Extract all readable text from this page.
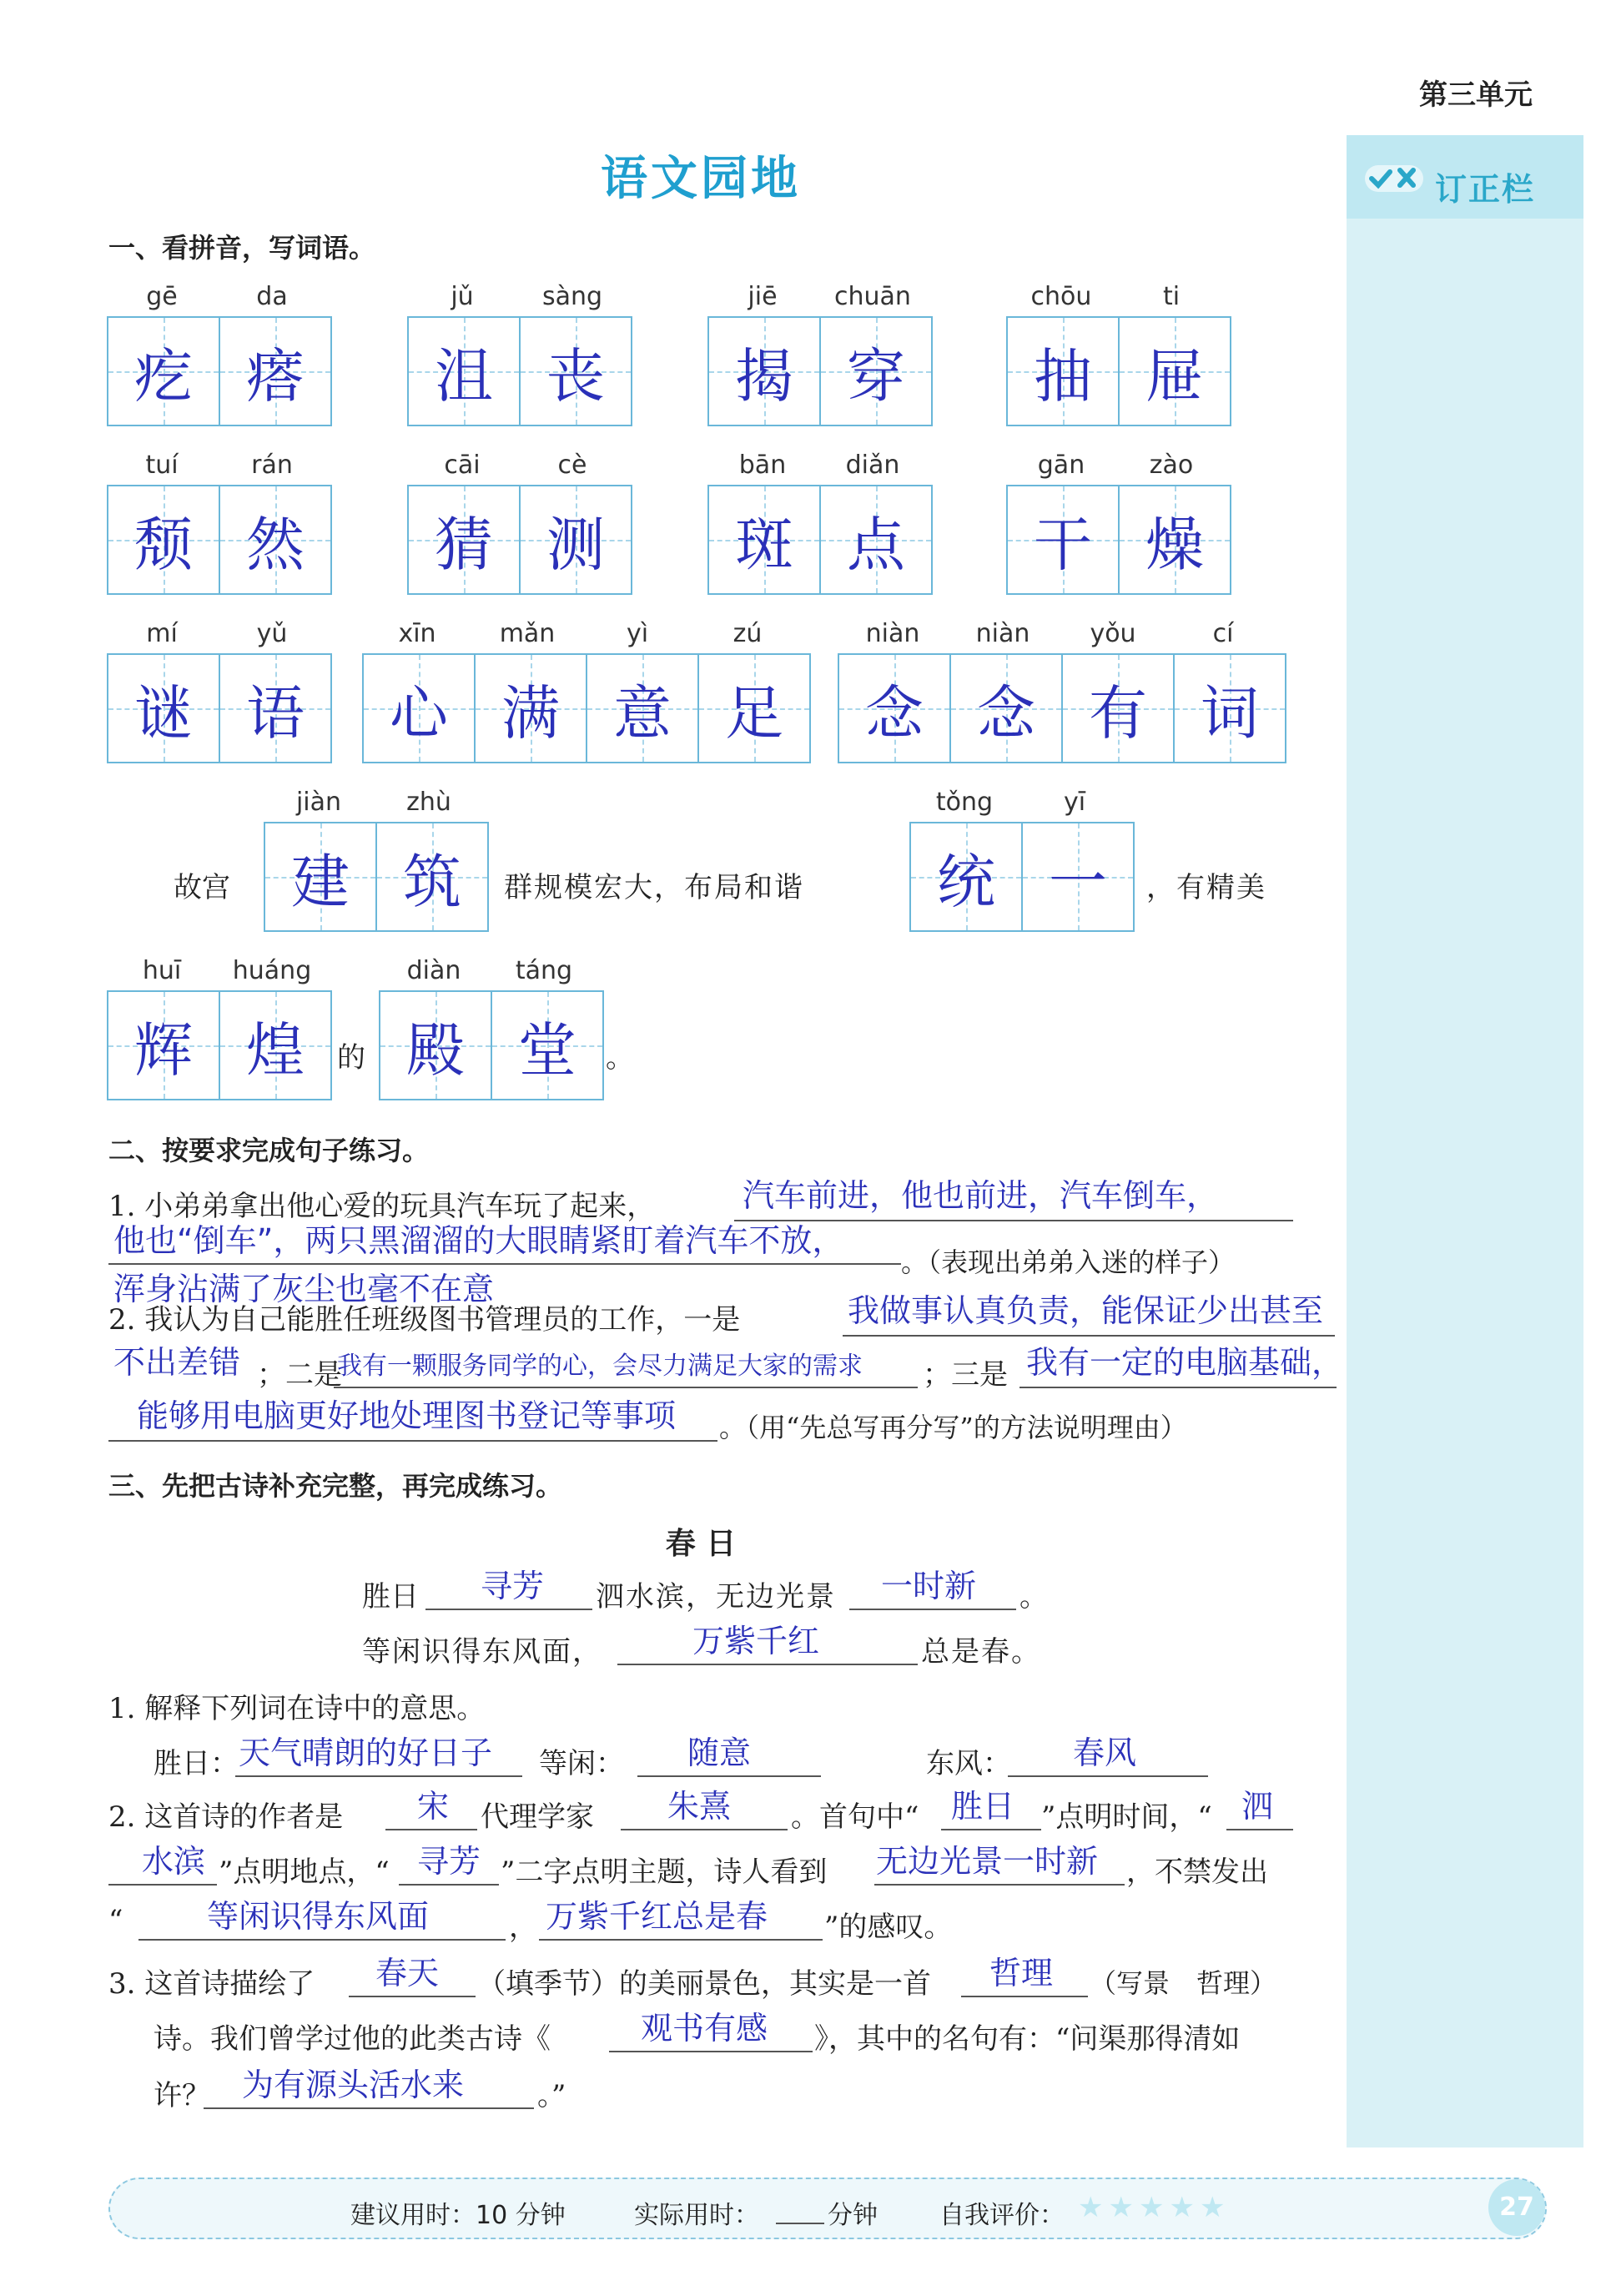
订正栏
第三单元
语文园地
一、看拼音，写词语。
gē	da
疙 瘩
jǔ	sàng
沮 丧
jiē	chuān
揭 穿
chōu	ti
抽 屉
tuí	rán
颓 然
cāi	cè
猜 测
bān	diǎn
斑 点
gān	zào
干 燥
mí	yǔ
谜 语
xīn	mǎn	yì	zú
心 满 意 足
niàn	niàn	yǒu	cí
念 念 有 词
故宫
jiàn	zhù
建 筑 群规模宏大，布局和谐
tǒng	yī
统 一 ，有精美
huī	huáng
辉 煌 的
diàn	táng
殿 堂 。
二、按要求完成句子练习。
1. 小弟弟拿出他心爱的玩具汽车玩了起来，	汽车前进，他也前进，汽车倒车，
他也“倒车”，两只黑溜溜的大眼睛紧盯着汽车不放，
。（表现出弟弟入迷的样子）
浑身沾满了灰尘也毫不在意
2. 我认为自己能胜任班级图书管理员的工作，一是	我做事认真负责，能保证少出甚至
不出差错 ；二是
我有一颗服务同学的心，会尽力满足大家的需求 ；三是 我有一定的电脑基础，
能够用电脑更好地处理图书登记等事项 。（用“先总写再分写”的方法说明理由）
三、先把古诗补充完整，再完成练习。
春 日
胜日 寻芳 泗水滨，无边光景 一时新 。
等闲识得东风面，	万紫千红	总是春。
1. 解释下列词在诗中的意思。
胜日： 天气晴朗的好日子 等闲： 随意	东风： 春风
2. 这首诗的作者是 宋 代理学家 朱熹 。首句中“ 胜日 ”点明时间，“ 泗
水滨 ”点明地点，“ 寻芳 ”二字点明主题，诗人看到 无边光景一时新 ，不禁发出
“	等闲识得东风面	， 万紫千红总是春 ”的感叹。
3. 这首诗描绘了 春天 （填季节）的美丽景色，其实是一首 哲理 （写景　哲理）
诗。我们曾学过他的此类古诗《	观书有感 》，其中的名句有：“问渠那得清如
许？ 为有源头活水来	。”
建议用时：10 分钟	实际用时：	分钟 自我评价： ★ ★ ★ ★ ★	27
